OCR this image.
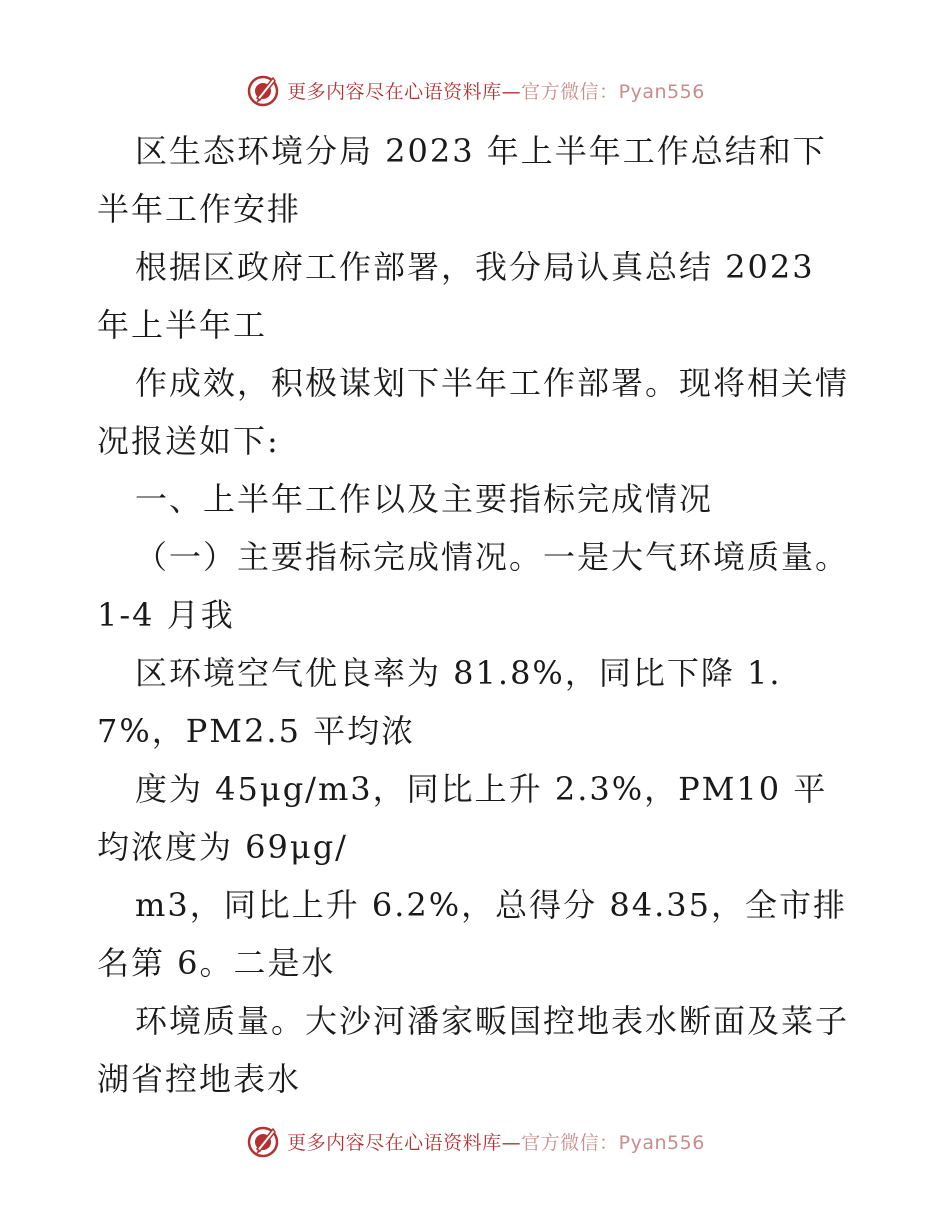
更多内容尽在心语资料库—官方微信：Pyan556

区生态环境分局 2023 年上半年工作总结和下半年工作安排

根据区政府工作部署，我分局认真总结 2023 年上半年工

作成效，积极谋划下半年工作部署。现将相关情况报送如下:

一、上半年工作以及主要指标完成情况

（一）主要指标完成情况。一是大气环境质量。1-4 月我

区环境空气优良率为 81.8%，同比下降 1.7%，PM2.5 平均浓

度为 45μg/m3，同比上升 2.3%，PM10 平均浓度为 69μg/

m3，同比上升 6.2%，总得分 84.35，全市排名第 6。二是水

环境质量。大沙河潘家畈国控地表水断面及菜子湖省控地表水

更多内容尽在心语资料库—官方微信：Pyan556
